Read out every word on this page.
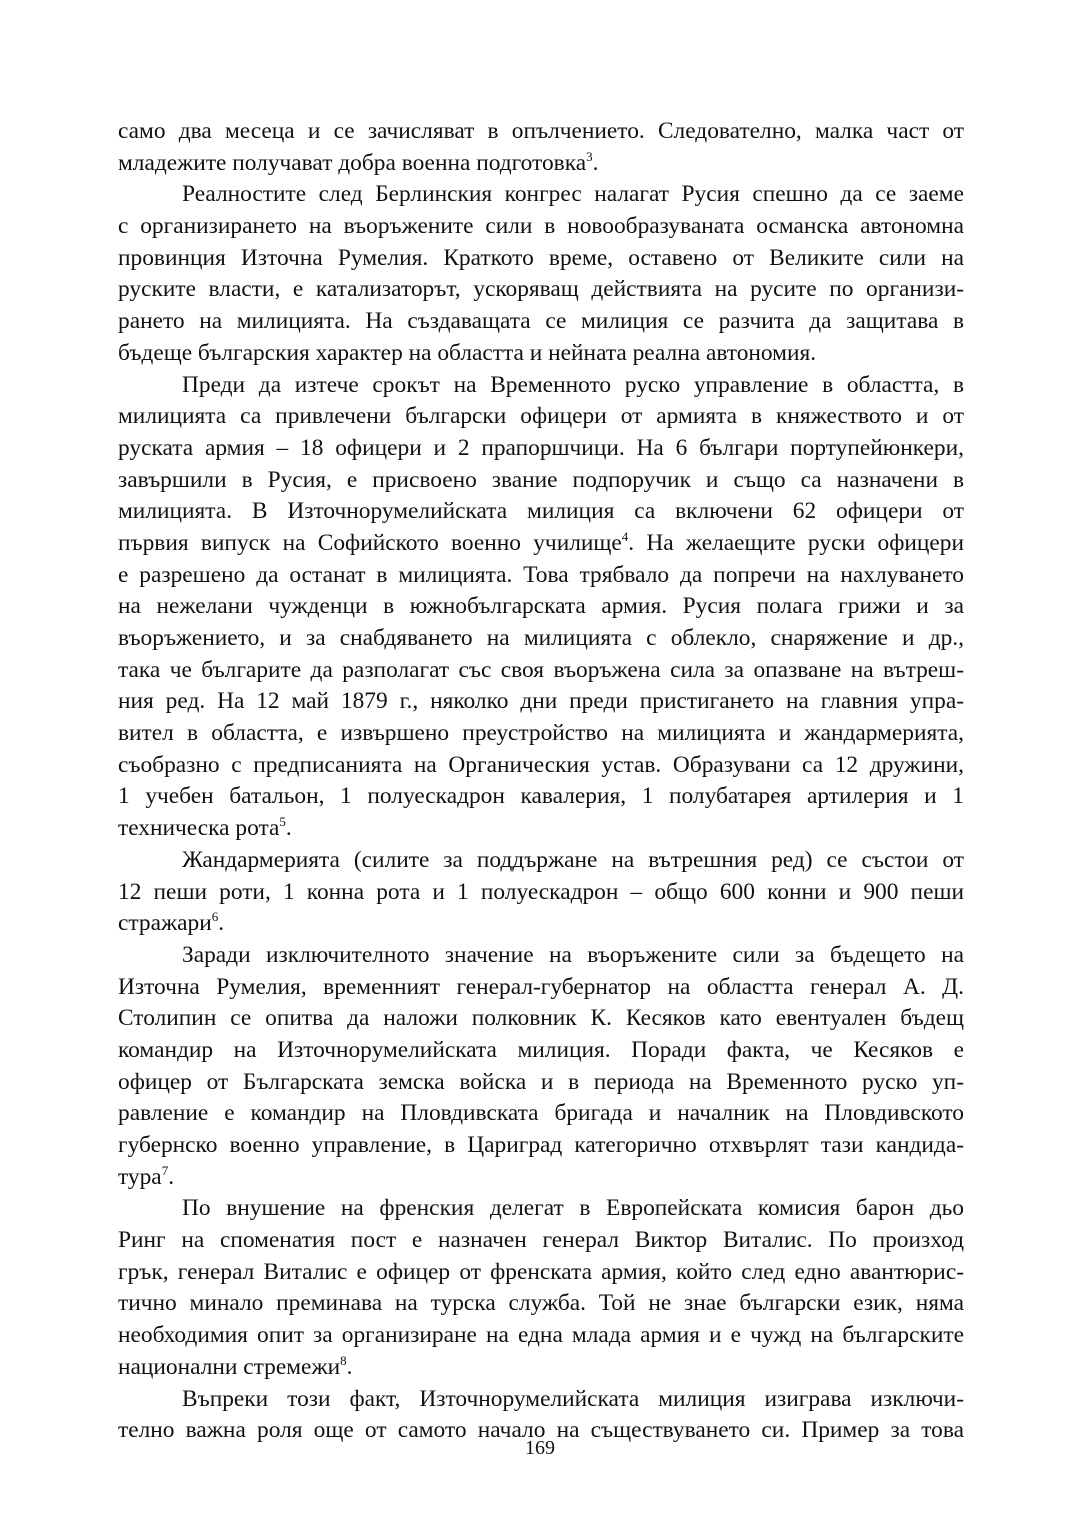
само два месеца и се зачисляват в опълчението. Следователно, малка част от
младежите получават добра военна подготовка$^3$.
Реалностите след Берлинския конгрес налагат Русия спешно да се заеме
с организирането на въоръжените сили в новообразуваната османска автономна
провинция Източна Румелия. Краткото време, оставено от Великите сили на
руските власти, е катализаторът, ускоряващ действията на русите по организи-
рането на милицията. На създаващата се милиция се разчита да защитава в
бъдеще българския характер на областта и нейната реална автономия.
Преди да изтече срокът на Временното руско управление в областта, в
милицията са привлечени български офицери от армията в княжеството и от
руската армия – 18 офицери и 2 прапоршчици. На 6 българи портупейюнкери,
завършили в Русия, е присвоено звание подпоручик и също са назначени в
милицията. В Източнорумелийската милиция са включени 62 офицери от
първия випуск на Софийското военно училище$^4$. На желаещите руски офицери
е разрешено да останат в милицията. Това трябвало да попречи на нахлуването
на нежелани чужденци в южнобългарската армия. Русия полага грижи и за
въоръжението, и за снабдяването на милицията с облекло, снаряжение и др.,
така че българите да разполагат със своя въоръжена сила за опазване на вътреш-
ния ред. На 12 май 1879 г., няколко дни преди пристигането на главния упра-
вител в областта, е извършено преустройство на милицията и жандармерията,
съобразно с предписанията на Органическия устав. Образувани са 12 дружини,
1 учебен батальон, 1 полуескадрон кавалерия, 1 полубатарея артилерия и 1
техническа рота$^5$.
Жандармерията (силите за поддържане на вътрешния ред) се състои от
12 пеши роти, 1 конна рота и 1 полуескадрон – общо 600 конни и 900 пеши
стражари$^6$.
Заради изключителното значение на въоръжените сили за бъдещето на
Източна Румелия, временният генерал-губернатор на областта генерал А. Д.
Столипин се опитва да наложи полковник К. Кесяков като евентуален бъдещ
командир на Източнорумелийската милиция. Поради факта, че Кесяков е
офицер от Българската земска войска и в периода на Временното руско уп-
равление е командир на Пловдивската бригада и началник на Пловдивското
губернско военно управление, в Цариград категорично отхвърлят тази кандида-
тура$^7$.
По внушение на френския делегат в Европейската комисия барон дьо
Ринг на споменатия пост е назначен генерал Виктор Виталис. По произход
грък, генерал Виталис е офицер от френската армия, който след едно авантюрис-
тично минало преминава на турска служба. Той не знае български език, няма
необходимия опит за организиране на една млада армия и е чужд на българските
национални стремежи$^8$.
Въпреки този факт, Източнорумелийската милиция изиграва изключи-
телно важна роля още от самото начало на съществуването си. Пример за това
169
